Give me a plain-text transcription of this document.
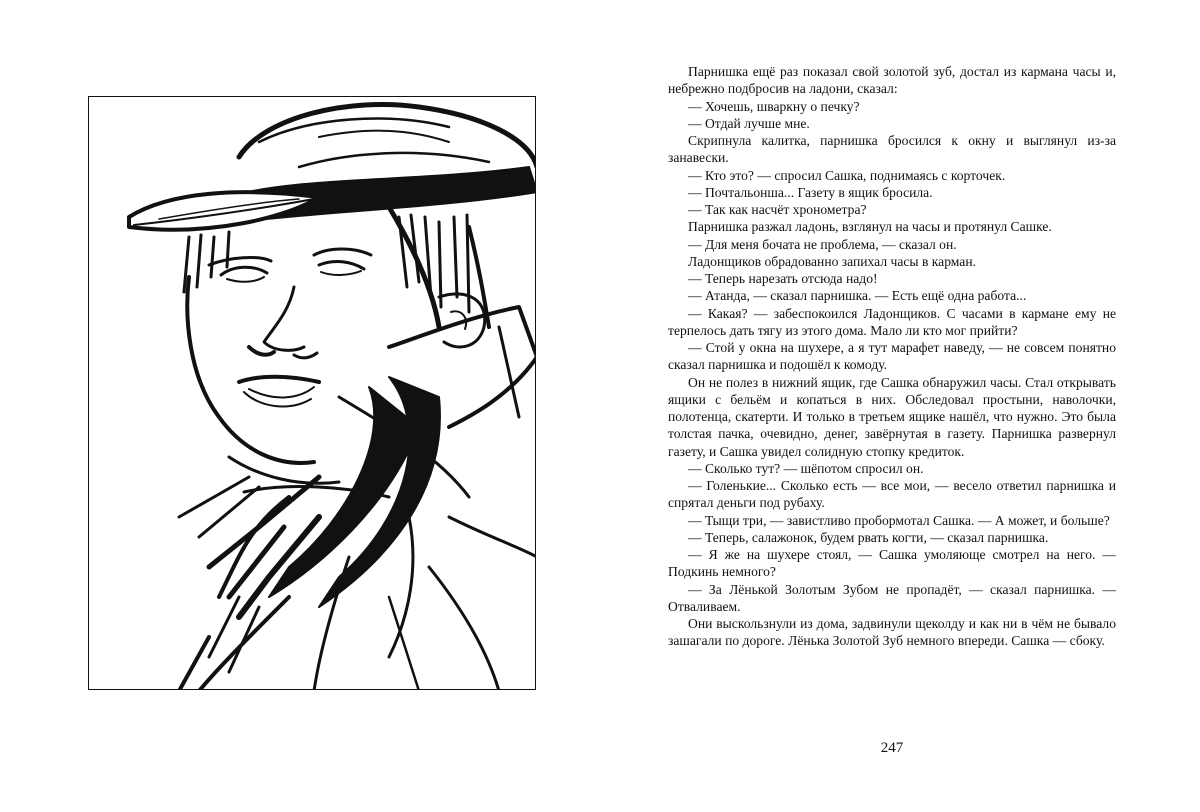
Парнишка ещё раз показал свой золотой зуб, достал из кармана часы и, небрежно подбросив на ладони, сказал:

— Хочешь, шваркну о печку?

— Отдай лучше мне.

Скрипнула калитка, парнишка бросился к окну и выглянул из-за занавески.

— Кто это? — спросил Сашка, поднимаясь с корточек.

— Почтальонша... Газету в ящик бросила.

— Так как насчёт хронометра?

Парнишка разжал ладонь, взглянул на часы и протянул Сашке.

— Для меня бочата не проблема, — сказал он.

Ладонщиков обрадованно запихал часы в карман.

— Теперь нарезать отсюда надо!

— Атанда, — сказал парнишка. — Есть ещё одна работа...

— Какая? — забеспокоился Ладонщиков. С часами в кармане ему не терпелось дать тягу из этого дома. Мало ли кто мог прийти?

— Стой у окна на шухере, а я тут марафет наведу, — не совсем понятно сказал парнишка и подошёл к комоду.

Он не полез в нижний ящик, где Сашка обнаружил часы. Стал открывать ящики с бельём и копаться в них. Обследовал простыни, наволочки, полотенца, скатерти. И только в третьем ящике нашёл, что нужно. Это была толстая пачка, очевидно, денег, завёрнутая в газету. Парнишка развернул газету, и Сашка увидел солидную стопку кредиток.

— Сколько тут? — шёпотом спросил он.

— Голенькие... Сколько есть — все мои, — весело ответил парнишка и спрятал деньги под рубаху.

— Тыщи три, — завистливо пробормотал Сашка. — А может, и больше?

— Теперь, салажонок, будем рвать когти, — сказал парнишка.

— Я же на шухере стоял, — Сашка умоляюще смотрел на него. — Подкинь немного?

— За Лёнькой Золотым Зубом не пропадёт, — сказал парнишка. — Отваливаем.

Они выскользнули из дома, задвинули щеколду и как ни в чём не бывало зашагали по дороге. Лёнька Золотой Зуб немного впереди. Сашка — сбоку.

247
